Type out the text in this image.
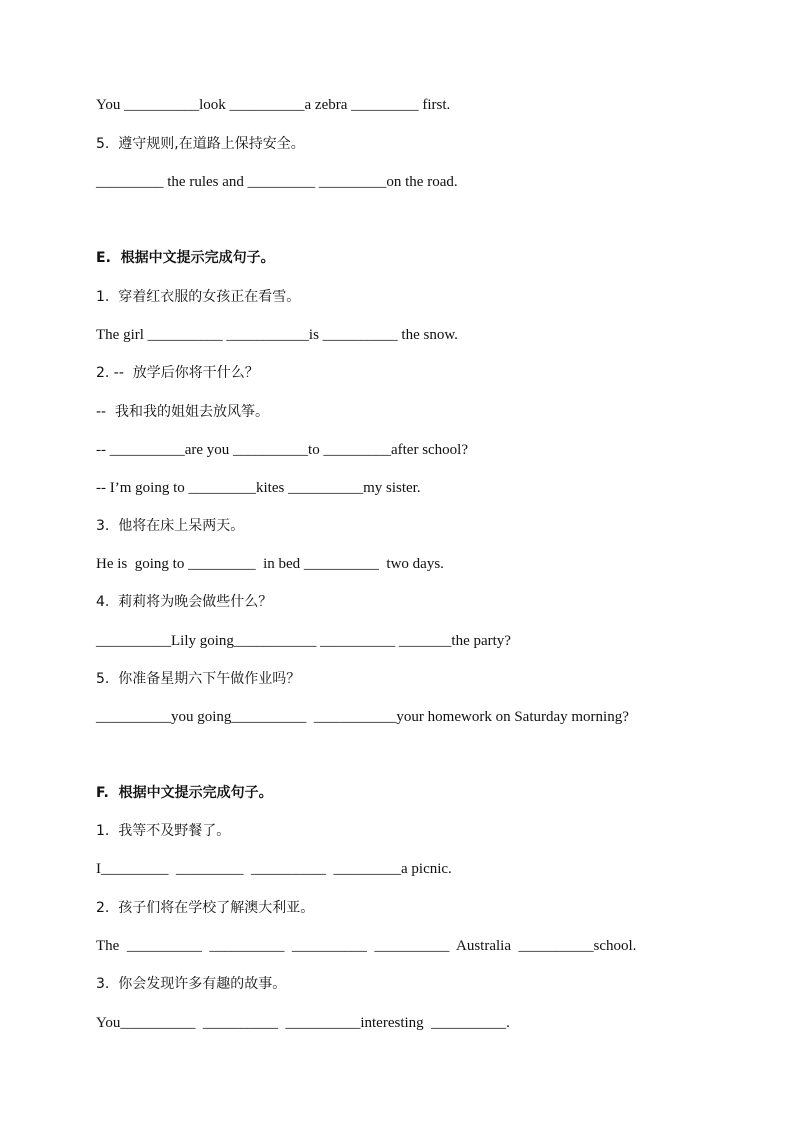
You __________look __________a zebra _________ first.
5.  遵守规则,在道路上保持安全。
_________ the rules and _________ _________on the road.
E.  根据中文提示完成句子。
1.  穿着红衣服的女孩正在看雪。
The girl __________ ___________is __________ the snow.
2. --  放学后你将干什么？
--  我和我的姐姐去放风筝。
-- __________are you __________to _________after school?
-- I’m going to _________kites __________my sister.
3.  他将在床上呆两天。
He is  going to _________  in bed __________  two days.
4.  莉莉将为晚会做些什么？
__________Lily going___________ __________ _______the party?
5.  你准备星期六下午做作业吗？
__________you going__________ ___________your homework on Saturday morning?
F.  根据中文提示完成句子。
1.  我等不及野餐了。
I_________  _________  __________  _________a picnic.
2.  孩子们将在学校了解澳大利亚。
The  __________  __________  __________  __________  Australia  __________school.
3.  你会发现许多有趣的故事。
You__________  __________  __________interesting  __________.
